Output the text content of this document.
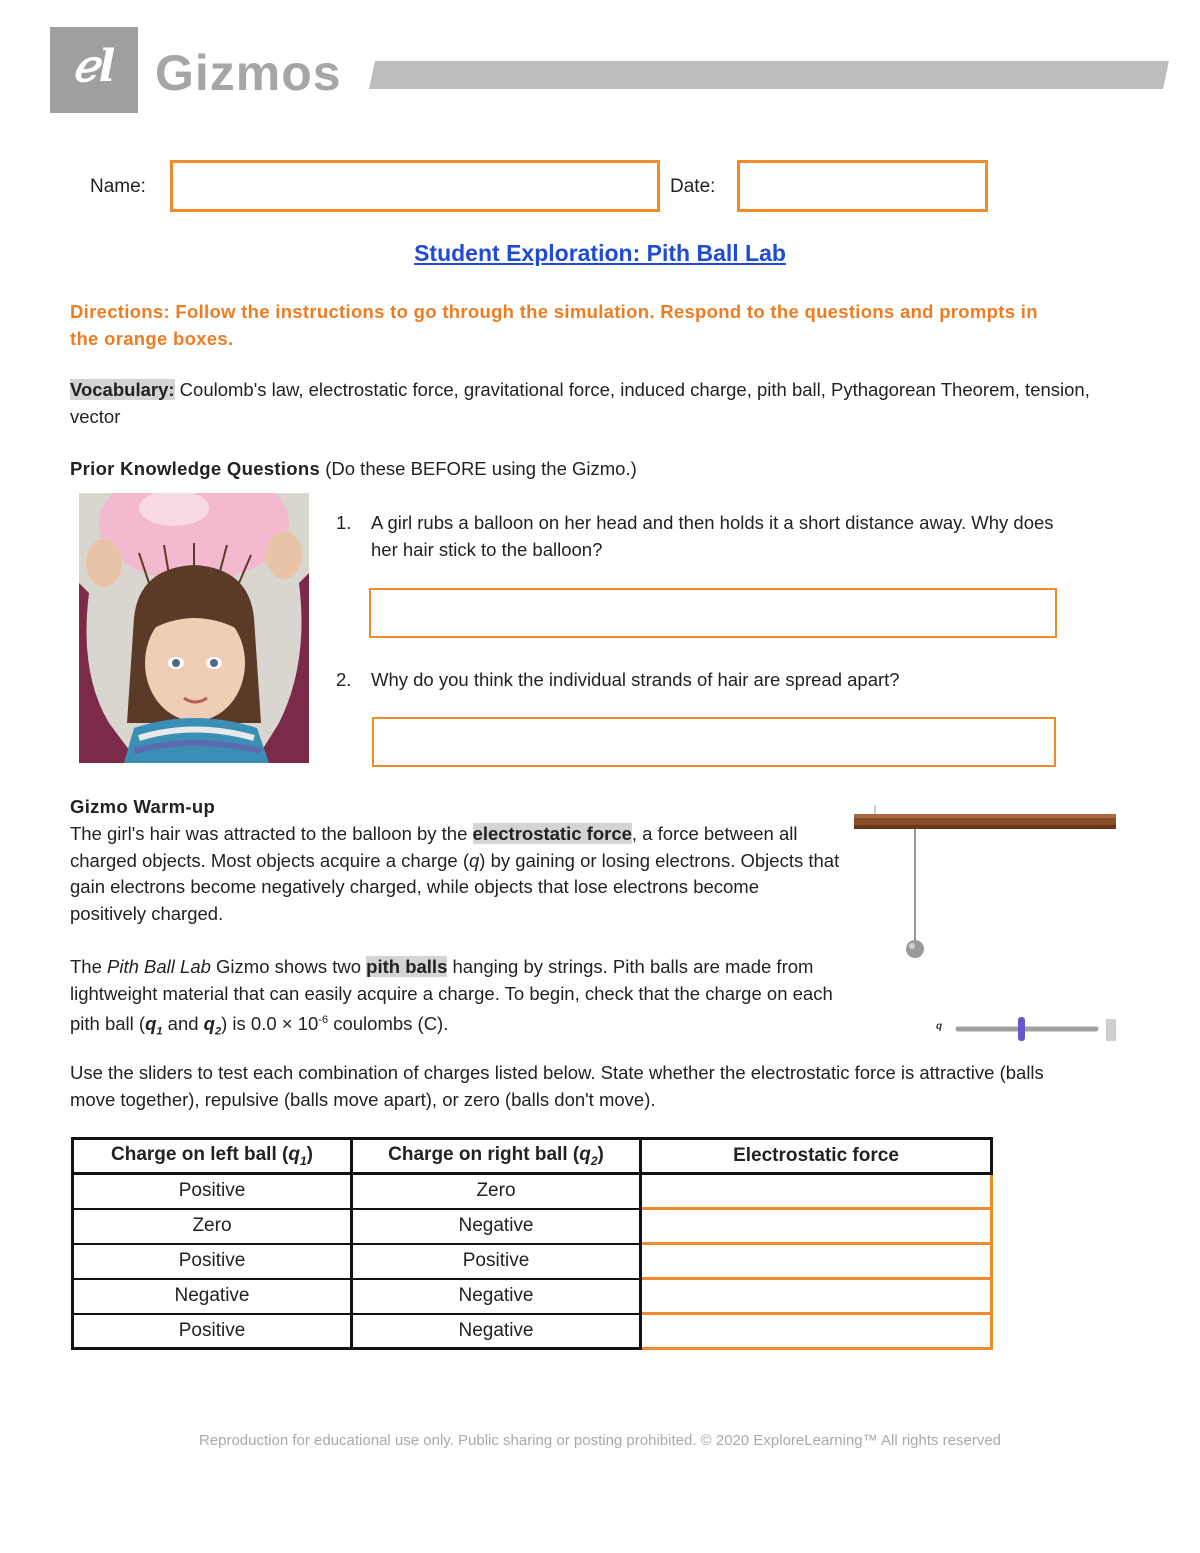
ℯl Gizmos
Name:	Date:
Student Exploration: Pith Ball Lab
Directions: Follow the instructions to go through the simulation. Respond to the questions and prompts in the orange boxes.
Vocabulary: Coulomb's law, electrostatic force, gravitational force, induced charge, pith ball, Pythagorean Theorem, tension, vector
Prior Knowledge Questions (Do these BEFORE using the Gizmo.)
1. A girl rubs a balloon on her head and then holds it a short distance away. Why does her hair stick to the balloon?
2. Why do you think the individual strands of hair are spread apart?
Gizmo Warm-up
The girl's hair was attracted to the balloon by the electrostatic force, a force between all charged objects. Most objects acquire a charge (q) by gaining or losing electrons. Objects that gain electrons become negatively charged, while objects that lose electrons become positively charged.
The Pith Ball Lab Gizmo shows two pith balls hanging by strings. Pith balls are made from lightweight material that can easily acquire a charge. To begin, check that the charge on each pith ball ($q_1$ and $q_2$) is $0.0 \times 10^{-6}$ coulombs (C).
Use the sliders to test each combination of charges listed below. State whether the electrostatic force is attractive (balls move together), repulsive (balls move apart), or zero (balls don't move).
q
Charge on left ball $(q_1)$	Charge on right ball $(q_2)$	Electrostatic force
Positive	Zero	
Zero	Negative	
Positive	Positive	
Negative	Negative	
Positive	Negative	
Reproduction for educational use only. Public sharing or posting prohibited. © 2020 ExploreLearning™ All rights reserved
